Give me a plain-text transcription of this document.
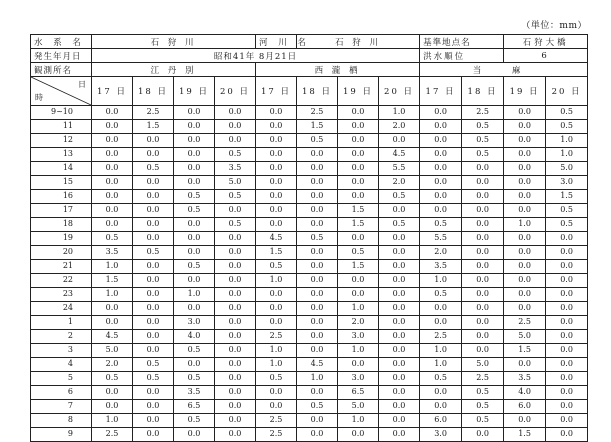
（単位：mm）
水 系 名	石 狩 川				河 川 名	石 狩 川			基準地点名		石狩大橋	
発生年月日	昭和41年 8月21日								洪水順位		6	
観測所名	江 丹 別				西 瀧 栖				当 麻			

日
時	17 日	18 日	19 日	20 日	17 日	18 日	19 日	20 日	17 日	18 日	19 日	20 日
9~10	0.0	2.5	0.0	0.0	0.0	2.5	0.0	1.0	0.0	2.5	0.0	0.5
11	0.0	1.5	0.0	0.0	0.0	1.5	0.0	2.0	0.0	0.5	0.0	0.5
12	0.0	0.0	0.0	0.0	0.0	0.5	0.0	0.0	0.0	0.5	0.0	1.0
13	0.0	0.0	0.0	0.5	0.0	0.0	0.0	4.5	0.0	0.5	0.0	1.0
14	0.0	0.5	0.0	3.5	0.0	0.0	0.0	5.5	0.0	0.0	0.0	5.0
15	0.0	0.0	0.0	5.0	0.0	0.0	0.0	2.0	0.0	0.0	0.0	3.0
16	0.0	0.0	0.5	0.5	0.0	0.0	0.0	0.5	0.0	0.0	0.0	1.5
17	0.0	0.0	0.5	0.0	0.0	0.0	1.5	0.0	0.0	0.0	0.0	0.5
18	0.0	0.0	0.0	0.5	0.0	0.0	1.5	0.5	0.5	0.0	1.0	0.5
19	0.5	0.0	0.0	0.0	4.5	0.5	0.0	0.0	5.5	0.0	0.0	0.0
20	3.5	0.5	0.0	0.0	1.5	0.0	0.5	0.0	2.0	0.0	0.0	0.0
21	1.0	0.0	0.5	0.0	0.5	0.0	1.5	0.0	3.5	0.0	0.0	0.0
22	1.5	0.0	0.0	0.0	1.0	0.0	0.0	0.0	1.0	0.0	0.0	0.0
23	1.0	0.0	1.0	0.0	0.0	0.0	0.0	0.0	0.5	0.0	0.0	0.0
24	0.0	0.0	0.0	0.0	0.0	0.0	1.0	0.0	0.0	0.0	0.0	0.0
1	0.0	0.0	3.0	0.0	0.0	0.0	2.0	0.0	0.0	0.0	2.5	0.0
2	4.5	0.0	4.0	0.0	2.5	0.0	3.0	0.0	2.5	0.0	5.0	0.0
3	5.0	0.0	0.5	0.0	1.0	0.0	1.0	0.0	1.0	0.0	1.5	0.0
4	2.0	0.5	0.0	0.0	1.0	4.5	0.0	0.0	1.0	5.0	0.0	0.0
5	0.5	0.5	0.5	0.0	0.5	1.0	3.0	0.0	0.5	2.5	3.5	0.0
6	0.0	0.0	3.5	0.0	0.0	0.0	6.5	0.0	0.0	0.5	4.0	0.0
7	0.0	0.0	6.5	0.0	0.0	0.5	5.0	0.0	0.0	0.5	6.0	0.0
8	1.0	0.0	0.5	0.0	2.5	0.0	1.0	0.0	6.0	0.5	0.0	0.0
9	2.5	0.0	0.0	0.0	2.5	0.0	0.0	0.0	3.0	0.0	1.5	0.0
